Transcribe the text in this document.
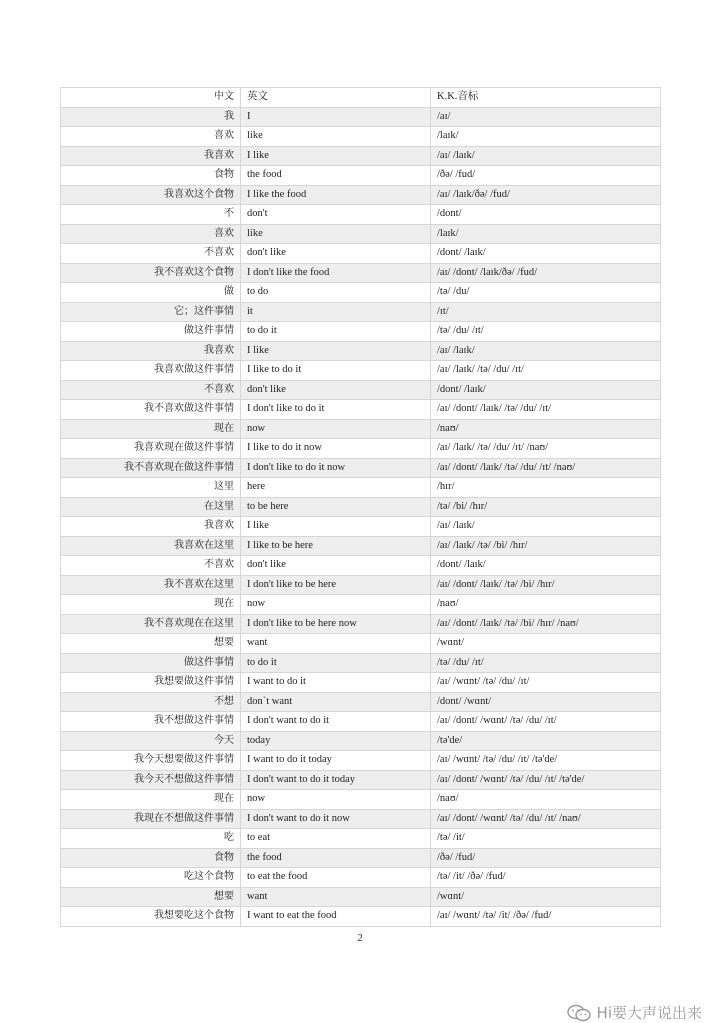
中文	英文	K.K.音标
我	I	/aɪ/
喜欢	like	/laɪk/
我喜欢	I like	/aɪ/ /laɪk/
食物	the food	/ðə/ /fud/
我喜欢这个食物	I like the food	/aɪ/ /laɪk/ðə/ /fud/
不	don't	/dont/
喜欢	like	/laɪk/
不喜欢	don't like	/dont/ /laɪk/
我不喜欢这个食物	I don't like the food	/aɪ/ /dont/ /laɪk/ðə/ /fud/
做	to do	/tə/ /du/
它；这件事情	it	/ɪt/
做这件事情	to do it	/tə/ /du/ /ɪt/
我喜欢	I like	/aɪ/ /laɪk/
我喜欢做这件事情	I like to do it	/aɪ/ /laɪk/ /tə/ /du/ /ɪt/
不喜欢	don't like	/dont/ /laɪk/
我不喜欢做这件事情	I don't like to do it	/aɪ/ /dont/ /laɪk/ /tə/ /du/ /ɪt/
现在	now	/naʊ/
我喜欢现在做这件事情	I like to do it now	/aɪ/ /laɪk/ /tə/ /du/ /ɪt/ /naʊ/
我不喜欢现在做这件事情	I don't like to do it now	/aɪ/ /dont/ /laɪk/ /tə/ /du/ /ɪt/ /naʊ/
这里	here	/hɪr/
在这里	to be here	/tə/ /bi/ /hɪr/
我喜欢	I like	/aɪ/ /laɪk/
我喜欢在这里	I like to be here	/aɪ/ /laɪk/ /tə/ /bi/ /hɪr/
不喜欢	don't like	/dont/ /laɪk/
我不喜欢在这里	I don't like to be here	/aɪ/ /dont/ /laɪk/ /tə/ /bi/ /hɪr/
现在	now	/naʊ/
我不喜欢现在在这里	I don't like to be here now	/aɪ/ /dont/ /laɪk/ /tə/ /bi/ /hɪr/ /naʊ/
想要	want	/wɑnt/
做这件事情	to do it	/tə/ /du/ /ɪt/
我想要做这件事情	I want to do it	/aɪ/ /wɑnt/ /tə/ /du/ /ɪt/
不想	don`t want	/dont/ /wɑnt/
我不想做这件事情	I don't want to do it	/aɪ/ /dont/ /wɑnt/ /tə/ /du/ /ɪt/
今天	today	/tə'de/
我今天想要做这件事情	I want to do it today	/aɪ/ /wɑnt/ /tə/ /du/ /ɪt/ /tə'de/
我今天不想做这件事情	I don't want to do it today	/aɪ/ /dont/ /wɑnt/ /tə/ /du/ /ɪt/ /tə'de/
现在	now	/naʊ/
我现在不想做这件事情	I don't want to do it now	/aɪ/ /dont/ /wɑnt/ /tə/ /du/ /ɪt/ /naʊ/
吃	to eat	/tə/ /it/
食物	the food	/ðə/ /fud/
吃这个食物	to eat the food	/tə/ /it/ /ðə/ /fud/
想要	want	/wɑnt/
我想要吃这个食物	I want to eat the food	/aɪ/ /wɑnt/ /tə/ /it/ /ðə/ /fud/
2
Hi要大声说出来
